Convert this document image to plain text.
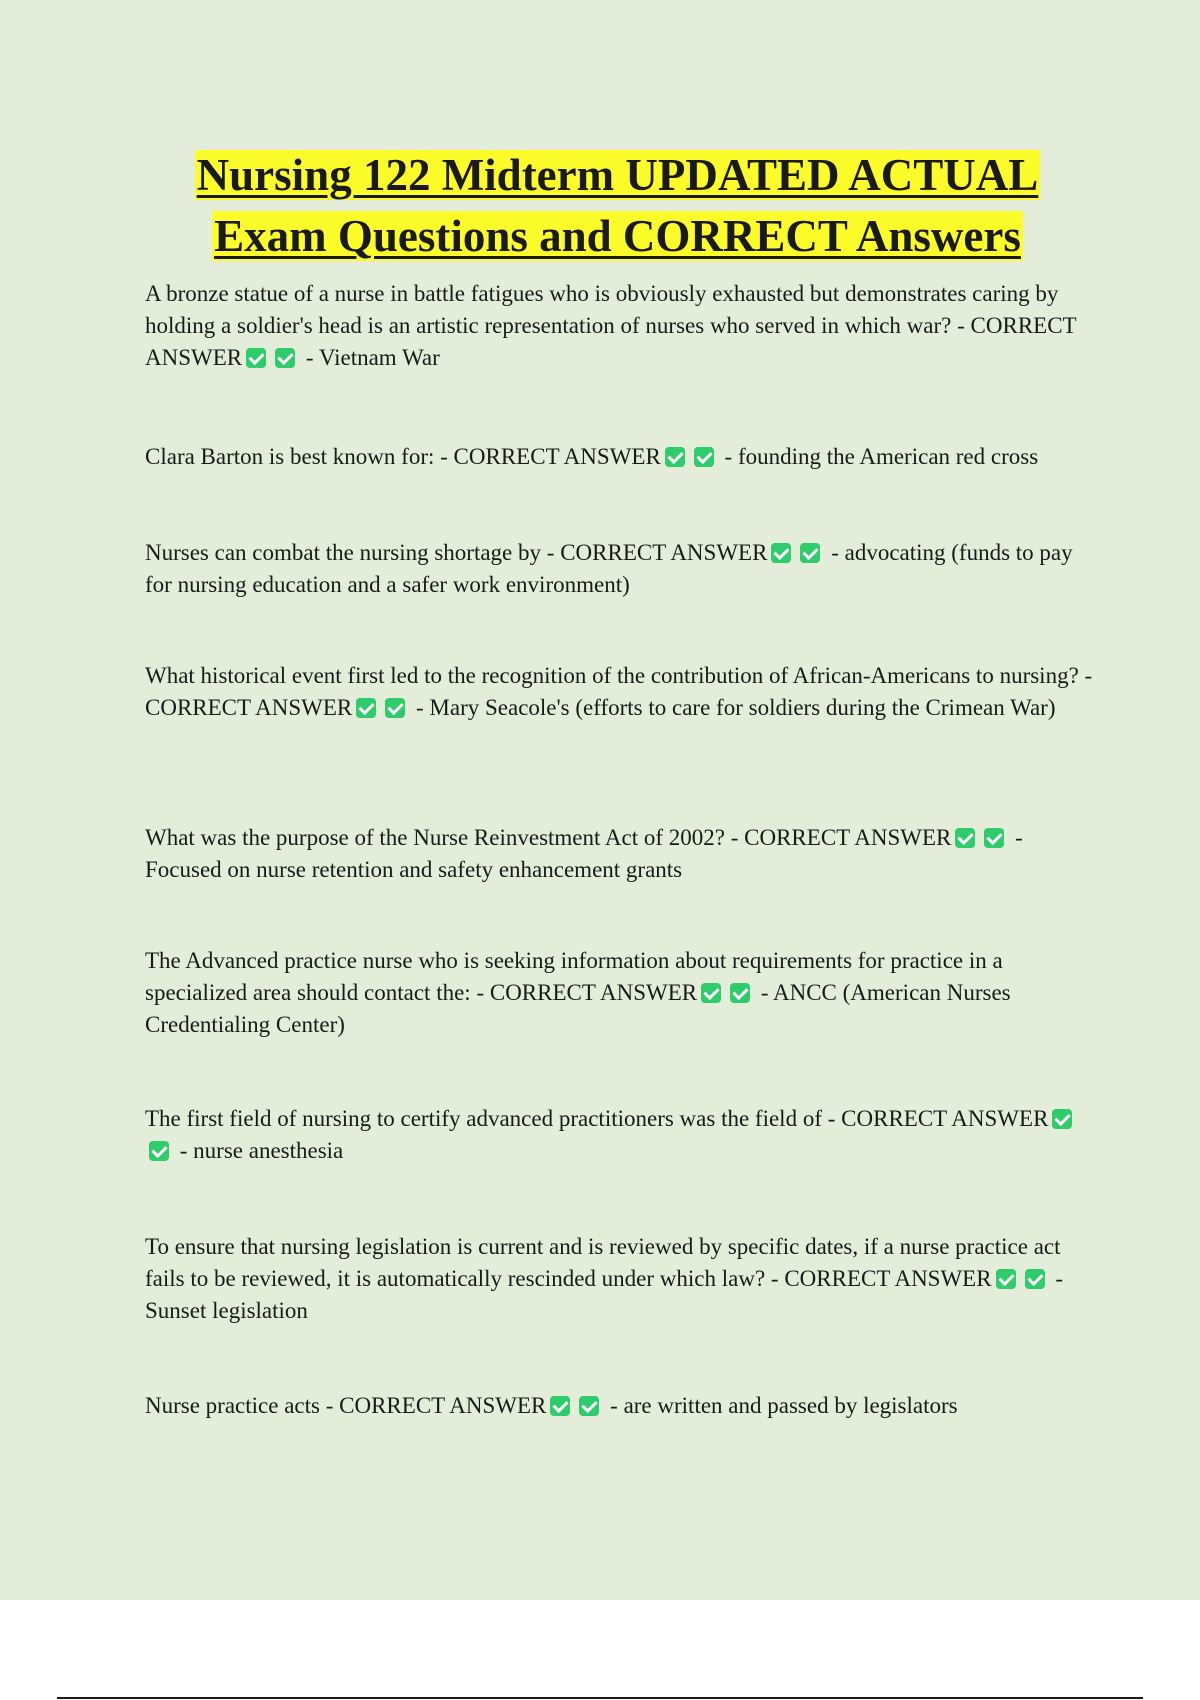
Nursing 122 Midterm UPDATED ACTUAL
Exam Questions and CORRECT Answers

A bronze statue of a nurse in battle fatigues who is obviously exhausted but demonstrates caring by holding a soldier's head is an artistic representation of nurses who served in which war? - CORRECT ANSWER	- Vietnam War

Clara Barton is best known for: - CORRECT ANSWER	- founding the American red cross

Nurses can combat the nursing shortage by - CORRECT ANSWER	- advocating (funds to pay for nursing education and a safer work environment)

What historical event first led to the recognition of the contribution of African-Americans to nursing? - CORRECT ANSWER	- Mary Seacole's (efforts to care for soldiers during the Crimean War)

What was the purpose of the Nurse Reinvestment Act of 2002? - CORRECT ANSWER	- Focused on nurse retention and safety enhancement grants

The Advanced practice nurse who is seeking information about requirements for practice in a specialized area should contact the: - CORRECT ANSWER	- ANCC (American Nurses Credentialing Center)

The first field of nursing to certify advanced practitioners was the field of - CORRECT ANSWER - nurse anesthesia

To ensure that nursing legislation is current and is reviewed by specific dates, if a nurse practice act fails to be reviewed, it is automatically rescinded under which law? - CORRECT ANSWER	- Sunset legislation

Nurse practice acts - CORRECT ANSWER	- are written and passed by legislators
